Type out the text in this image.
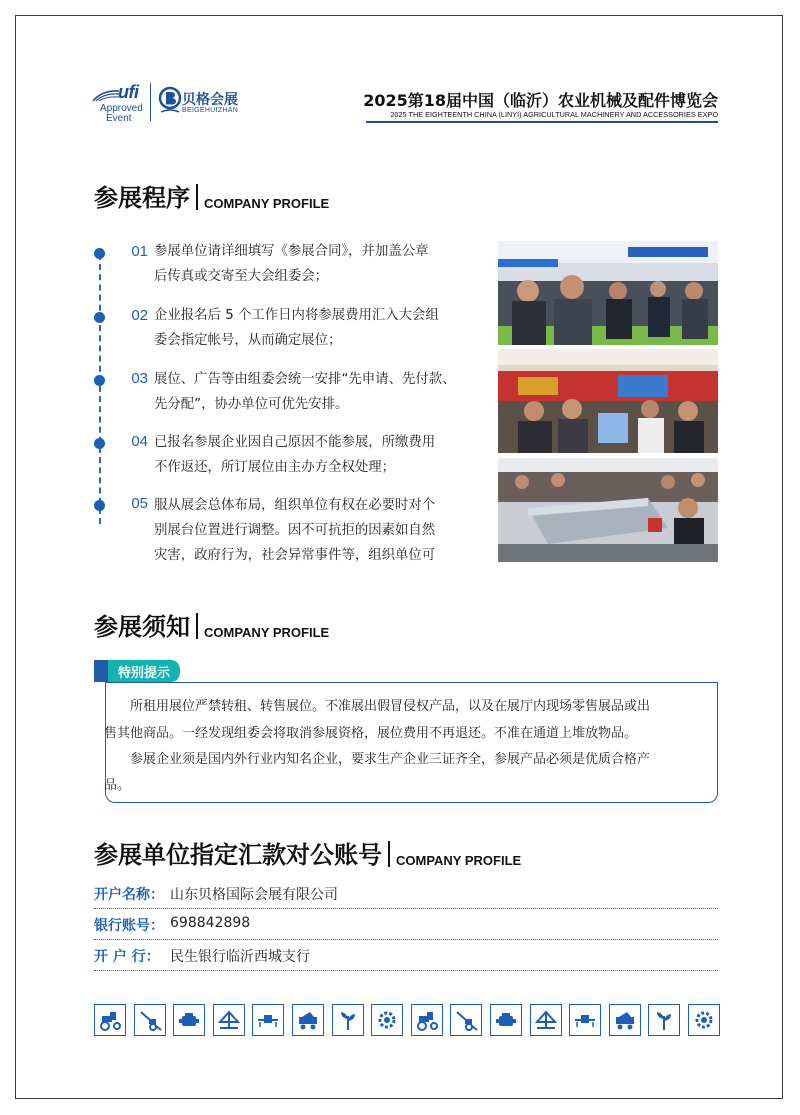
ufi
Approved
Event
贝格会展
BEIGEHUIZHAN
2025第18届中国（临沂）农业机械及配件博览会
2025 THE EIGHTEENTH CHINA (LINYI) AGRICULTURAL MACHINERY AND ACCESSORIES EXPO
参展程序 COMPANY PROFILE
01 参展单位请详细填写《参展合同》，并加盖公章
后传真或交寄至大会组委会；
02 企业报名后 5 个工作日内将参展费用汇入大会组
委会指定帐号，从而确定展位；
03 展位、广告等由组委会统一安排“先申请、先付款、
先分配”，协办单位可优先安排。
04 已报名参展企业因自己原因不能参展，所缴费用
不作返还，所订展位由主办方全权处理；
05 服从展会总体布局，组织单位有权在必要时对个
别展台位置进行调整。因不可抗拒的因素如自然
灾害，政府行为，社会异常事件等，组织单位可
参展须知 COMPANY PROFILE
特别提示
所租用展位严禁转租、转售展位。不准展出假冒侵权产品，以及在展厅内现场零售展品或出
售其他商品。一经发现组委会将取消参展资格，展位费用不再退还。不准在通道上堆放物品。
参展企业须是国内外行业内知名企业，要求生产企业三证齐全，参展产品必须是优质合格产
品。
参展单位指定汇款对公账号 COMPANY PROFILE
开户名称： 山东贝格国际会展有限公司
银行账号： 698842898
开 户 行： 民生银行临沂西城支行
